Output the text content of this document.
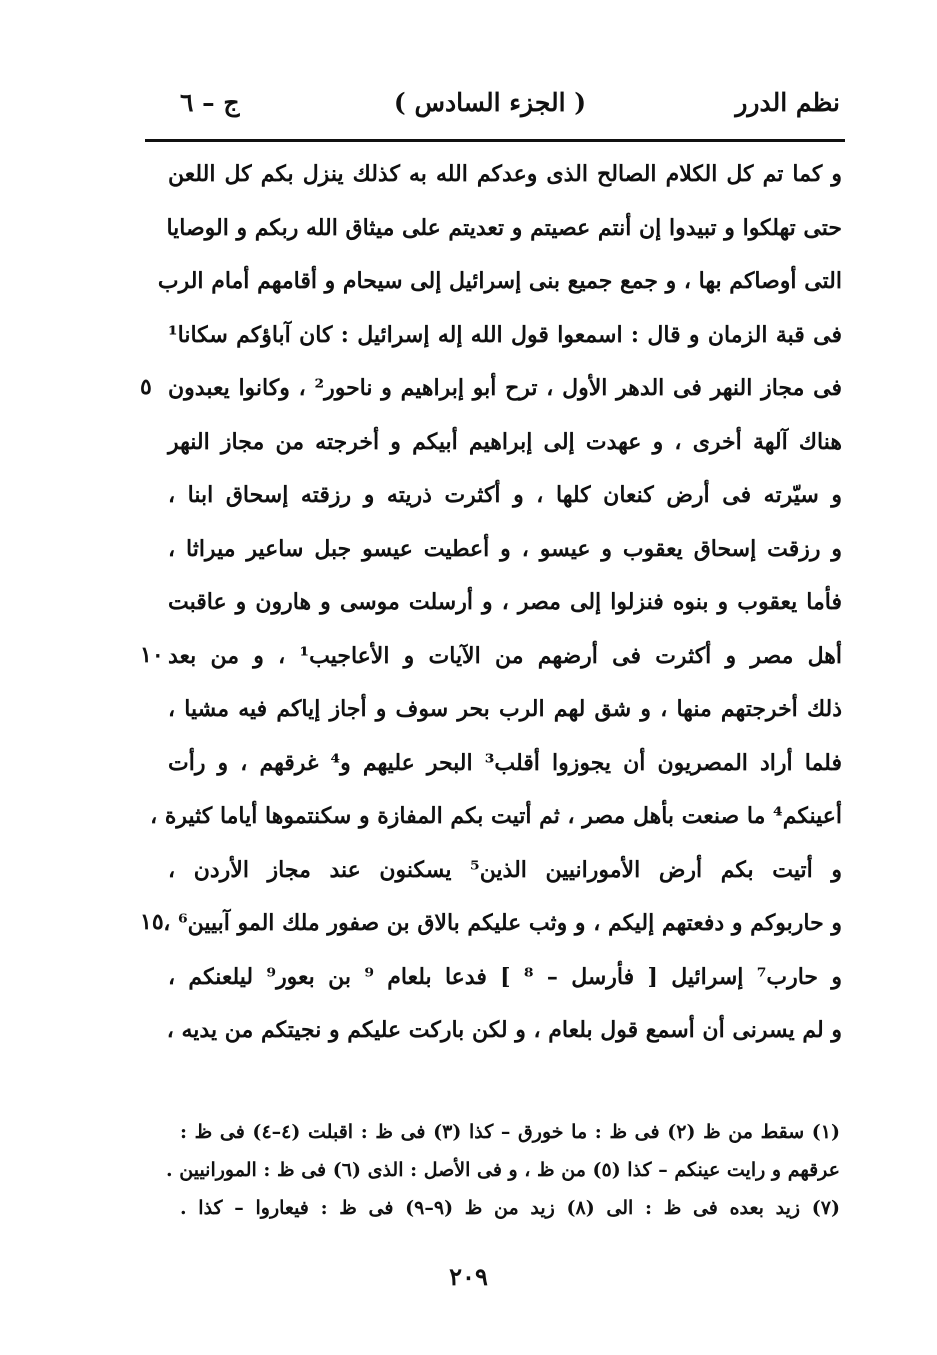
نظم الدرر
( الجزء السادس )
ج – ٦
و كما تم كل الكلام الصالح الذى وعدكم الله به كذلك ينزل بكم كل اللعن
حتى تهلكوا و تبيدوا إن أنتم عصيتم و تعديتم على ميثاق الله ربكم و الوصايا
التى أوصاكم بها ، و جمع جميع بنى إسرائيل إلى سيحام و أقامهم أمام الرب
فى قبة الزمان و قال : اسمعوا قول الله إله إسرائيل : كان آباؤكم سكانا¹
فى مجاز النهر فى الدهر الأول ، ترح أبو إبراهيم و ناحور² ، وكانوا يعبدون
هناك آلهة أخرى ، و عهدت إلى إبراهيم أبيكم و أخرجته من مجاز النهر
و سيّرته فى أرض كنعان كلها ، و أكثرت ذريته و رزقته إسحاق ابنا ،
و رزقت إسحاق يعقوب و عيسو ، و أعطيت عيسو جبل ساعير ميراثا ،
فأما يعقوب و بنوه فنزلوا إلى مصر ، و أرسلت موسى و هارون و عاقبت
أهل مصر و أكثرت فى أرضهم من الآيات و الأعاجيب¹ ، و من بعد
ذلك أخرجتهم منها ، و شق لهم الرب بحر سوف و أجاز إياكم فيه مشيا ،
فلما أراد المصريون أن يجوزوا أقلب³ البحر عليهم و⁴ غرقهم ، و رأت
أعينكم⁴ ما صنعت بأهل مصر ، ثم أتيت بكم المفازة و سكنتموها أياما كثيرة ،
و أتيت بكم أرض الأمورانيين الذين⁵ يسكنون عند مجاز الأردن ،
و حاربوكم و دفعتهم إليكم ، و وثب عليكم بالاق بن صفور ملك المو آبيين⁶ ،
و حارب⁷ إسرائيل [ فأرسل – ⁸ ] فدعا بلعام ⁹ بن بعور⁹ ليلعنكم ،
و لم يسرنى أن أسمع قول بلعام ، و لكن باركت عليكم و نجيتكم من يديه ،
٥
١٠
١٥
(١) سقط من ظ (٢) فى ظ : ما خورق – كذا (٣) فى ظ : اقبلت (٤–٤) فى ظ :
عرقهم و رايت عينكم – كذا (٥) من ظ ، و فى الأصل : الذى (٦) فى ظ : المورانيين .
(٧) زيد بعده فى ظ : الى (٨) زيد من ظ (٩–٩) فى ظ : فيعاروا – كذا .
٢٠٩
